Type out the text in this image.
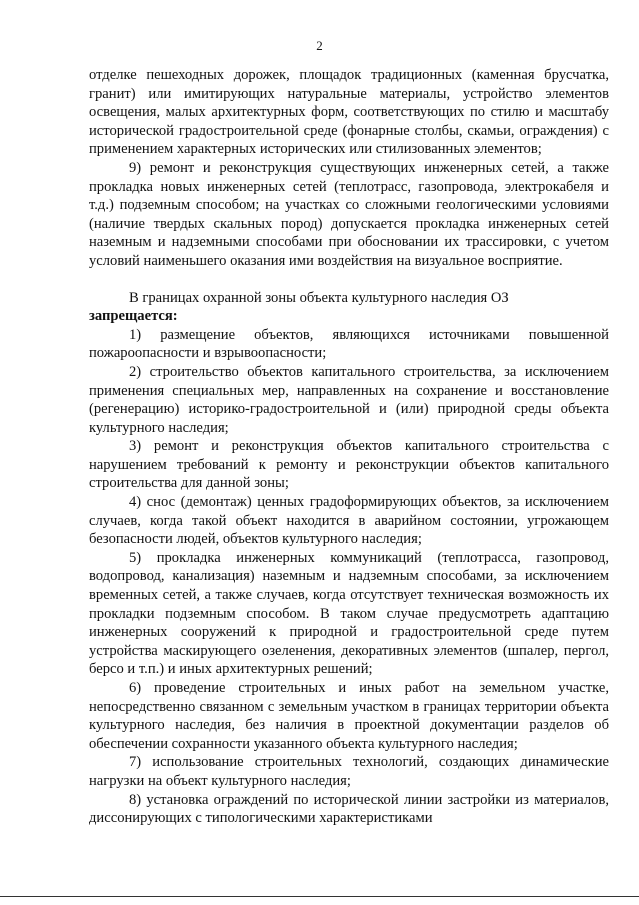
2

отделке пешеходных дорожек, площадок традиционных (каменная брусчатка, гранит) или имитирующих натуральные материалы, устройство элементов освещения, малых архитектурных форм, соответствующих по стилю и масштабу исторической градостроительной среде (фонарные столбы, скамьи, ограждения) с применением характерных исторических или стилизованных элементов;

9) ремонт и реконструкция существующих инженерных сетей, а также прокладка новых инженерных сетей (теплотрасс, газопровода, электрокабеля и т.д.) подземным способом; на участках со сложными геологическими условиями (наличие твердых скальных пород) допускается прокладка инженерных сетей наземным и надземными способами при обосновании их трассировки, с учетом условий наименьшего оказания ими воздействия на визуальное восприятие.

В границах охранной зоны объекта культурного наследия ОЗ
запрещается:

1) размещение объектов, являющихся источниками повышенной пожароопасности и взрывоопасности;

2) строительство объектов капитального строительства, за исключением применения специальных мер, направленных на сохранение и восстановление (регенерацию) историко-градостроительной и (или) природной среды объекта культурного наследия;

3) ремонт и реконструкция объектов капитального строительства с нарушением требований к ремонту и реконструкции объектов капитального строительства для данной зоны;

4) снос (демонтаж) ценных градоформирующих объектов, за исключением случаев, когда такой объект находится в аварийном состоянии, угрожающем безопасности людей, объектов культурного наследия;

5) прокладка инженерных коммуникаций (теплотрасса, газопровод, водопровод, канализация) наземным и надземным способами, за исключением временных сетей, а также случаев, когда отсутствует техническая возможность их прокладки подземным способом. В таком случае предусмотреть адаптацию инженерных сооружений к природной и градостроительной среде путем устройства маскирующего озеленения, декоративных элементов (шпалер, пергол, берсо и т.п.) и иных архитектурных решений;

6) проведение строительных и иных работ на земельном участке, непосредственно связанном с земельным участком в границах территории объекта культурного наследия, без наличия в проектной документации разделов об обеспечении сохранности указанного объекта культурного наследия;

7) использование строительных технологий, создающих динамические нагрузки на объект культурного наследия;

8) установка ограждений по исторической линии застройки из материалов, диссонирующих с типологическими характеристиками
